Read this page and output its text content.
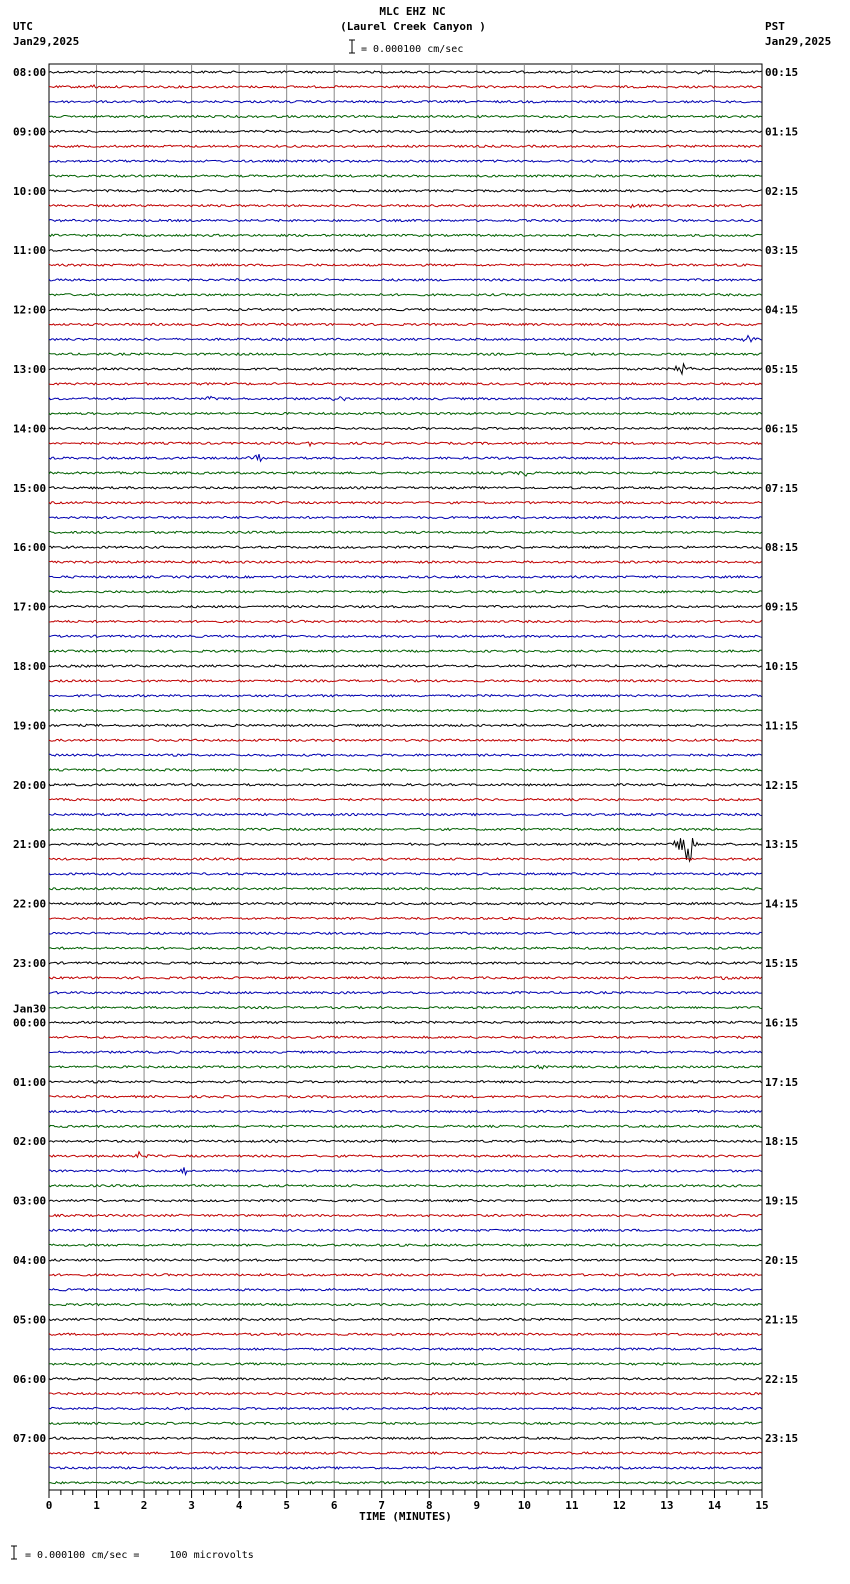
MLC EHZ NC
(Laurel Creek Canyon )
= 0.000100 cm/sec
UTC
Jan29,2025
PST
Jan29,2025
08:00
09:00
10:00
11:00
12:00
13:00
14:00
15:00
16:00
17:00
18:00
19:00
20:00
21:00
22:00
23:00
00:00
01:00
02:00
03:00
04:00
05:00
06:00
07:00
Jan30
00:15
01:15
02:15
03:15
04:15
05:15
06:15
07:15
08:15
09:15
10:15
11:15
12:15
13:15
14:15
15:15
16:15
17:15
18:15
19:15
20:15
21:15
22:15
23:15
0	1	2	3	4	5	6	7	8	9	10	11	12	13	14	15
TIME (MINUTES)
= 0.000100 cm/sec =     100 microvolts
